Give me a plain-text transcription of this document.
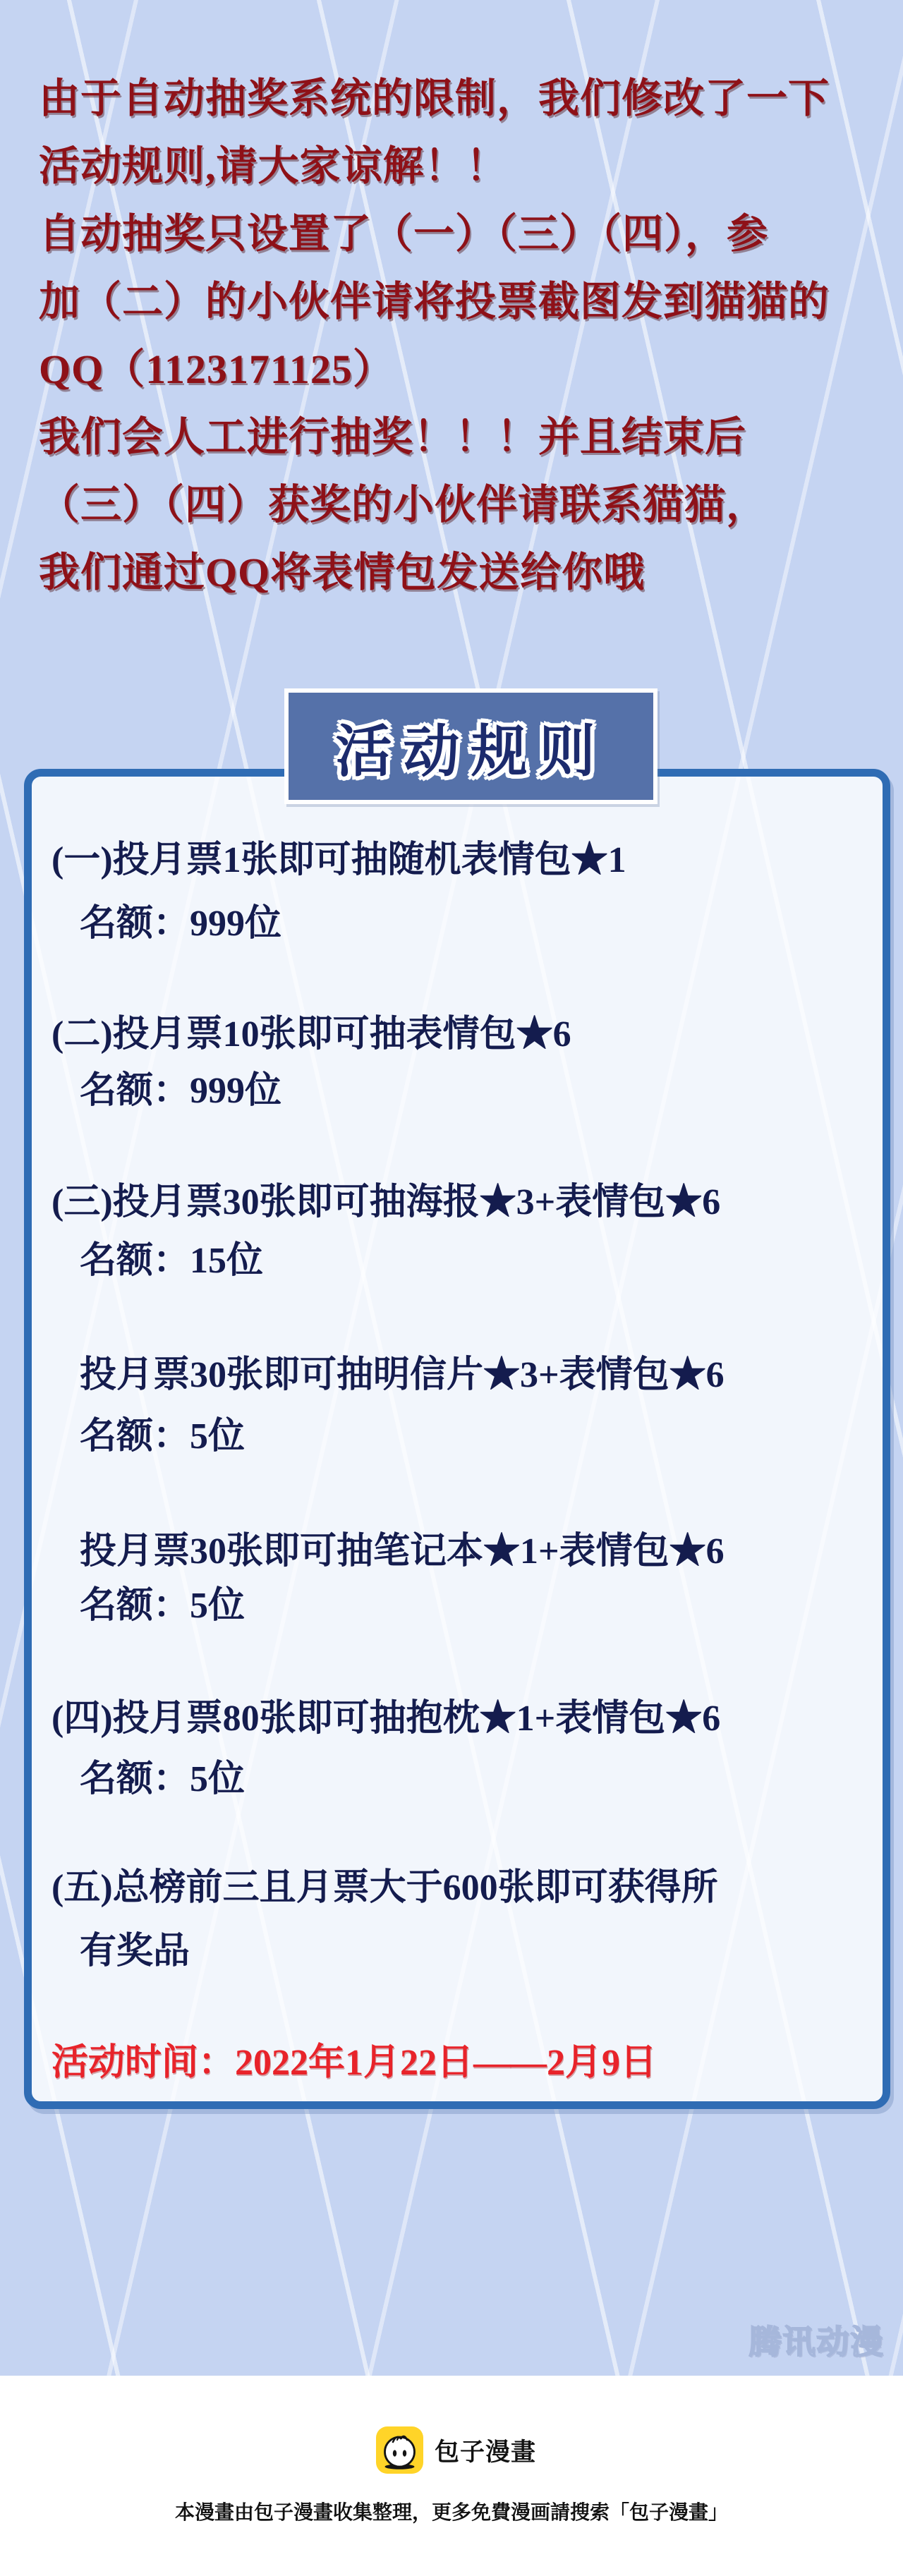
由于自动抽奖系统的限制，我们修改了一下
活动规则,请大家谅解！！
自动抽奖只设置了（一）（三）（四），参
加（二）的小伙伴请将投票截图发到猫猫的
QQ（1123171125）
我们会人工进行抽奖！！！并且结束后
（三）（四）获奖的小伙伴请联系猫猫，
我们通过QQ将表情包发送给你哦
(一)投月票1张即可抽随机表情包★1
名额：999位
(二)投月票10张即可抽表情包★6
名额：999位
(三)投月票30张即可抽海报★3+表情包★6
名额：15位
投月票30张即可抽明信片★3+表情包★6
名额：5位
投月票30张即可抽笔记本★1+表情包★6
名额：5位
(四)投月票80张即可抽抱枕★1+表情包★6
名额：5位
(五)总榜前三且月票大于600张即可获得所
有奖品
活动时间：2022年1月22日——2月9日
活动规则
腾讯动漫
包子漫畫
本漫畫由包子漫畫收集整理，更多免費漫画請搜索「包子漫畫」
